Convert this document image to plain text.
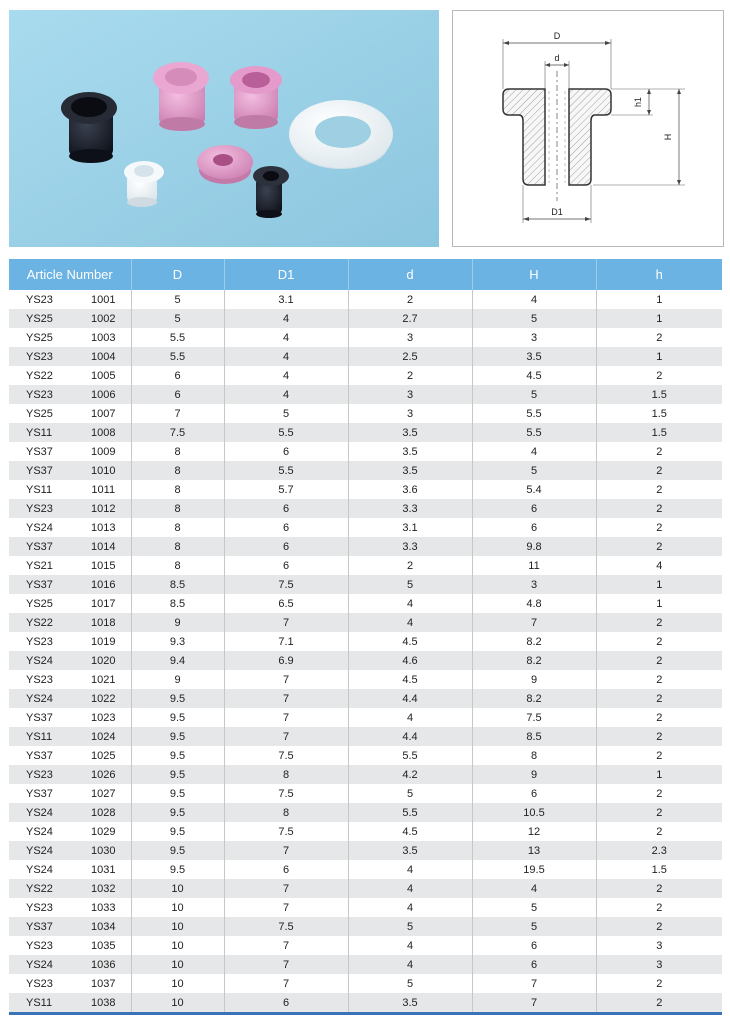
D
d
D1
h1
H
Article Number		D	D1	d	H	h
YS23	1001	5	3.1	2	4	1
YS25	1002	5	4	2.7	5	1
YS25	1003	5.5	4	3	3	2
YS23	1004	5.5	4	2.5	3.5	1
YS22	1005	6	4	2	4.5	2
YS23	1006	6	4	3	5	1.5
YS25	1007	7	5	3	5.5	1.5
YS11	1008	7.5	5.5	3.5	5.5	1.5
YS37	1009	8	6	3.5	4	2
YS37	1010	8	5.5	3.5	5	2
YS11	1011	8	5.7	3.6	5.4	2
YS23	1012	8	6	3.3	6	2
YS24	1013	8	6	3.1	6	2
YS37	1014	8	6	3.3	9.8	2
YS21	1015	8	6	2	11	4
YS37	1016	8.5	7.5	5	3	1
YS25	1017	8.5	6.5	4	4.8	1
YS22	1018	9	7	4	7	2
YS23	1019	9.3	7.1	4.5	8.2	2
YS24	1020	9.4	6.9	4.6	8.2	2
YS23	1021	9	7	4.5	9	2
YS24	1022	9.5	7	4.4	8.2	2
YS37	1023	9.5	7	4	7.5	2
YS11	1024	9.5	7	4.4	8.5	2
YS37	1025	9.5	7.5	5.5	8	2
YS23	1026	9.5	8	4.2	9	1
YS37	1027	9.5	7.5	5	6	2
YS24	1028	9.5	8	5.5	10.5	2
YS24	1029	9.5	7.5	4.5	12	2
YS24	1030	9.5	7	3.5	13	2.3
YS24	1031	9.5	6	4	19.5	1.5
YS22	1032	10	7	4	4	2
YS23	1033	10	7	4	5	2
YS37	1034	10	7.5	5	5	2
YS23	1035	10	7	4	6	3
YS24	1036	10	7	4	6	3
YS23	1037	10	7	5	7	2
YS11	1038	10	6	3.5	7	2
